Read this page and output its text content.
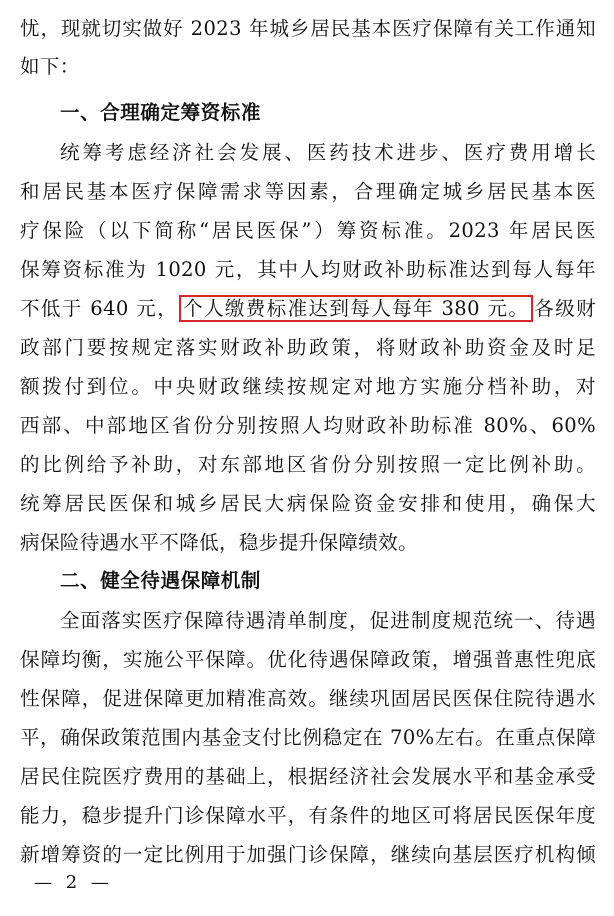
忧，现就切实做好 2023 年城乡居民基本医疗保障有关工作通知
如下：
一、合理确定筹资标准
统筹考虑经济社会发展、医药技术进步、医疗费用增长
和居民基本医疗保障需求等因素，合理确定城乡居民基本医
疗保险（以下简称“居民医保”）筹资标准。2023 年居民医
保筹资标准为 1020 元，其中人均财政补助标准达到每人每年
不低于 640 元， 个人缴费标准达到每人每年 380 元。 各级财
政部门要按规定落实财政补助政策，将财政补助资金及时足
额拨付到位。中央财政继续按规定对地方实施分档补助，对
西部、中部地区省份分别按照人均财政补助标准 80%、60%
的比例给予补助，对东部地区省份分别按照一定比例补助。
统筹居民医保和城乡居民大病保险资金安排和使用，确保大
病保险待遇水平不降低，稳步提升保障绩效。
二、健全待遇保障机制
全面落实医疗保障待遇清单制度，促进制度规范统一、待遇
保障均衡，实施公平保障。优化待遇保障政策，增强普惠性兜底
性保障，促进保障更加精准高效。继续巩固居民医保住院待遇水
平，确保政策范围内基金支付比例稳定在 70%左右。在重点保障
居民住院医疗费用的基础上，根据经济社会发展水平和基金承受
能力，稳步提升门诊保障水平，有条件的地区可将居民医保年度
新增筹资的一定比例用于加强门诊保障，继续向基层医疗机构倾
— 2 —
